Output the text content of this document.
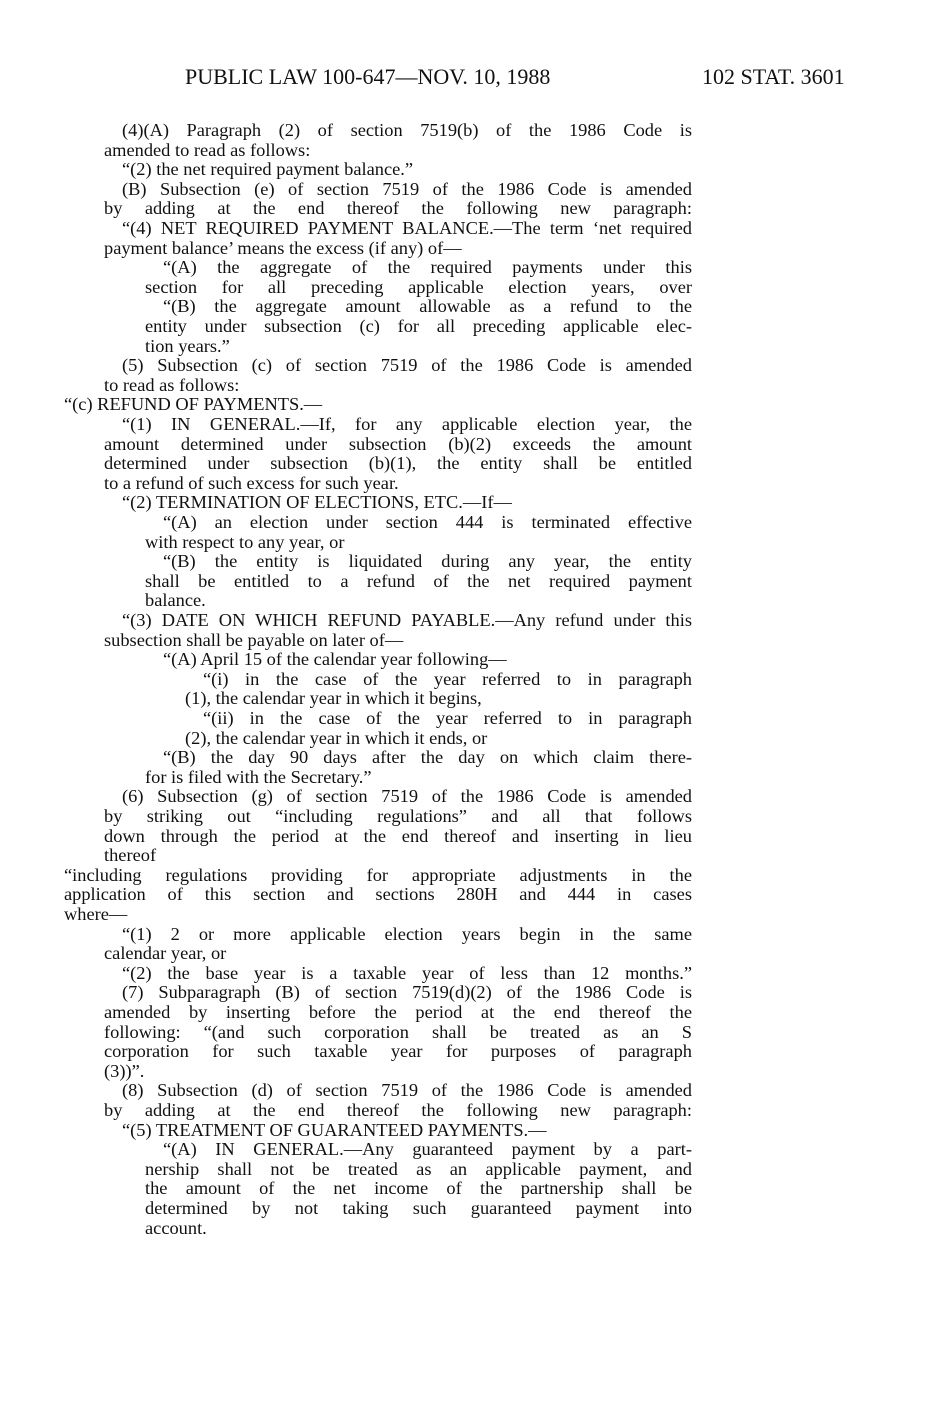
PUBLIC LAW 100-647—NOV. 10, 1988	102 STAT. 3601
(4)(A) Paragraph (2) of section 7519(b) of the 1986 Code is
amended to read as follows:
“(2) the net required payment balance.”
(B) Subsection (e) of section 7519 of the 1986 Code is amended
by adding at the end thereof the following new paragraph:
“(4) NET REQUIRED PAYMENT BALANCE.—The term ‘net required
payment balance’ means the excess (if any) of—
“(A) the aggregate of the required payments under this
section for all preceding applicable election years, over
“(B) the aggregate amount allowable as a refund to the
entity under subsection (c) for all preceding applicable elec-
tion years.”
(5) Subsection (c) of section 7519 of the 1986 Code is amended
to read as follows:
“(c) REFUND OF PAYMENTS.—
“(1) IN GENERAL.—If, for any applicable election year, the
amount determined under subsection (b)(2) exceeds the amount
determined under subsection (b)(1), the entity shall be entitled
to a refund of such excess for such year.
“(2) TERMINATION OF ELECTIONS, ETC.—If—
“(A) an election under section 444 is terminated effective
with respect to any year, or
“(B) the entity is liquidated during any year, the entity
shall be entitled to a refund of the net required payment
balance.
“(3) DATE ON WHICH REFUND PAYABLE.—Any refund under this
subsection shall be payable on later of—
“(A) April 15 of the calendar year following—
“(i) in the case of the year referred to in paragraph
(1), the calendar year in which it begins,
“(ii) in the case of the year referred to in paragraph
(2), the calendar year in which it ends, or
“(B) the day 90 days after the day on which claim there-
for is filed with the Secretary.”
(6) Subsection (g) of section 7519 of the 1986 Code is amended
by striking out “including regulations” and all that follows
down through the period at the end thereof and inserting in lieu
thereof
“including regulations providing for appropriate adjustments in the
application of this section and sections 280H and 444 in cases
where—
“(1) 2 or more applicable election years begin in the same
calendar year, or
“(2) the base year is a taxable year of less than 12 months.”
(7) Subparagraph (B) of section 7519(d)(2) of the 1986 Code is
amended by inserting before the period at the end thereof the
following: “(and such corporation shall be treated as an S
corporation for such taxable year for purposes of paragraph
(3))”.
(8) Subsection (d) of section 7519 of the 1986 Code is amended
by adding at the end thereof the following new paragraph:
“(5) TREATMENT OF GUARANTEED PAYMENTS.—
“(A) IN GENERAL.—Any guaranteed payment by a part-
nership shall not be treated as an applicable payment, and
the amount of the net income of the partnership shall be
determined by not taking such guaranteed payment into
account.
